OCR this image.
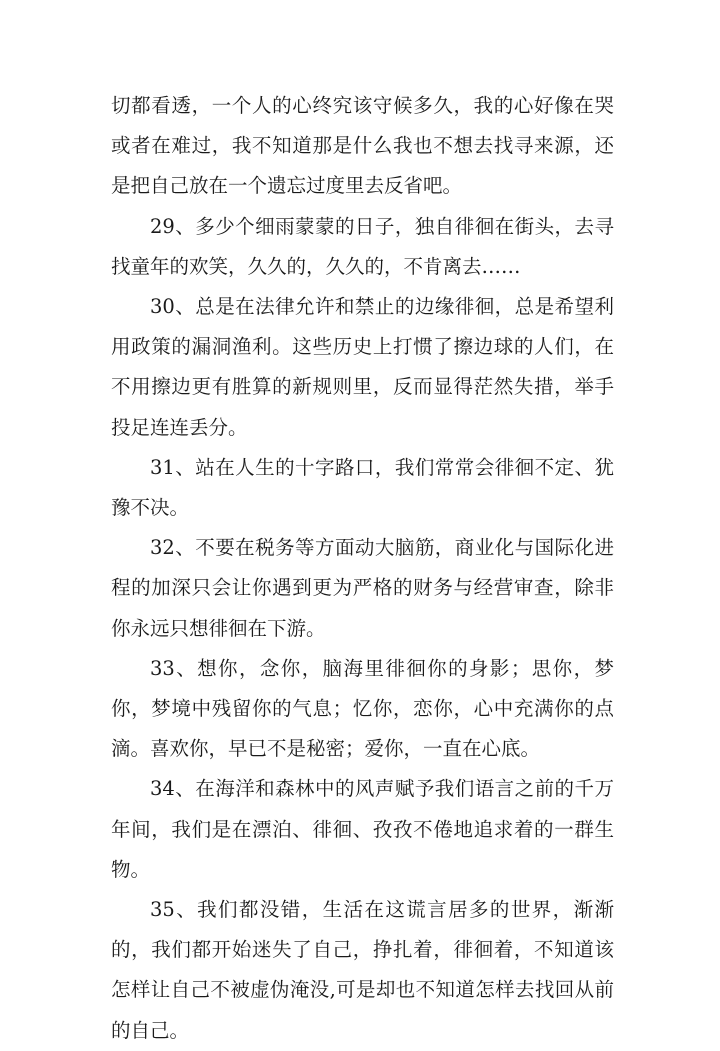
切都看透，一个人的心终究该守候多久，我的心好像在哭或者在难过，我不知道那是什么我也不想去找寻来源，还是把自己放在一个遗忘过度里去反省吧。

29、多少个细雨蒙蒙的日子，独自徘徊在街头，去寻找童年的欢笑，久久的，久久的，不肯离去……

30、总是在法律允许和禁止的边缘徘徊，总是希望利用政策的漏洞渔利。这些历史上打惯了擦边球的人们，在不用擦边更有胜算的新规则里，反而显得茫然失措，举手投足连连丢分。

31、站在人生的十字路口，我们常常会徘徊不定、犹豫不决。

32、不要在税务等方面动大脑筋，商业化与国际化进程的加深只会让你遇到更为严格的财务与经营审查，除非你永远只想徘徊在下游。

33、想你，念你，脑海里徘徊你的身影；思你，梦你，梦境中残留你的气息；忆你，恋你，心中充满你的点滴。喜欢你，早已不是秘密；爱你，一直在心底。

34、在海洋和森林中的风声赋予我们语言之前的千万年间，我们是在漂泊、徘徊、孜孜不倦地追求着的一群生物。

35、我们都没错，生活在这谎言居多的世界，渐渐的，我们都开始迷失了自己，挣扎着，徘徊着，不知道该怎样让自己不被虚伪淹没,可是却也不知道怎样去找回从前的自己。
